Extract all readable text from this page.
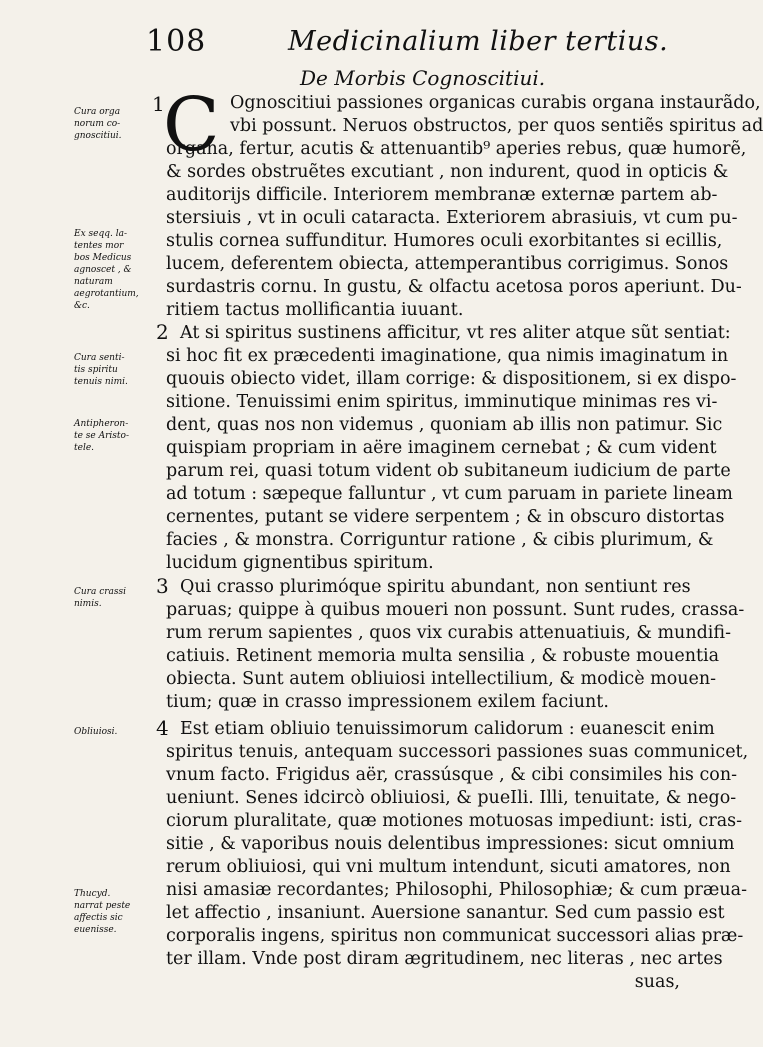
108	Medicinalium liber tertius.
De Morbis Cognoscitiui.
Cura orga
norum co-
gnoscitiui.
Ex seqq. la-
tentes mor
bos Medicus
agnoscet , &
naturam
aegrotantium,
&c.
Cura senti-
tis spiritu
tenuis nimi.
Antipheron-
te se Aristo-
tele.
Cura crassi
nimis.
Obliuiosi.
Thucyd.
narrat peste
affectis sic
euenisse.
1
C Ognoscitiui passiones organicas curabis organa instaurãdo,
vbi possunt. Neruos obstructos, per quos sentiẽs spiritus ad
organa, fertur, acutis & attenuantib⁹ aperies rebus, quæ humorẽ,
& sordes obstruẽtes excutiant , non indurent, quod in opticis &
auditorijs difficile. Interiorem membranæ externæ partem ab-
stersiuis , vt in oculi cataracta. Exteriorem abrasiuis, vt cum pu-
stulis cornea suffunditur. Humores oculi exorbitantes si ecillis,
lucem, deferentem obiecta, attemperantibus corrigimus. Sonos
surdastris cornu. In gustu, & olfactu acetosa poros aperiunt. Du-
ritiem tactus mollificantia iuuant.
2 At si spiritus sustinens afficitur, vt res aliter atque sũt sentiat:
si hoc fit ex præcedenti imaginatione, qua nimis imaginatum in
quouis obiecto videt, illam corrige: & dispositionem, si ex dispo-
sitione. Tenuissimi enim spiritus, imminutique minimas res vi-
dent, quas nos non videmus , quoniam ab illis non patimur. Sic
quispiam propriam in aëre imaginem cernebat ; & cum vident
parum rei, quasi totum vident ob subitaneum iudicium de parte
ad totum : sæpeque falluntur , vt cum paruam in pariete lineam
cernentes, putant se videre serpentem ; & in obscuro distortas
facies , & monstra. Corriguntur ratione , & cibis plurimum, &
lucidum gignentibus spiritum.
3 Qui crasso plurimóque spiritu abundant, non sentiunt res
paruas; quippe à quibus moueri non possunt. Sunt rudes, crassa-
rum rerum sapientes , quos vix curabis attenuatiuis, & mundifi-
catiuis. Retinent memoria multa sensilia , & robuste mouentia
obiecta. Sunt autem obliuiosi intellectilium, & modicè mouen-
tium; quæ in crasso impressionem exilem faciunt.
4 Est etiam obliuio tenuissimorum calidorum : euanescit enim
spiritus tenuis, antequam successori passiones suas communicet,
vnum facto. Frigidus aër, crassúsque , & cibi consimiles his con-
ueniunt. Senes idcircò obliuiosi, & pueIli. Illi, tenuitate, & nego-
ciorum pluralitate, quæ motiones motuosas impediunt: isti, cras-
sitie , & vaporibus nouis delentibus impressiones: sicut omnium
rerum obliuiosi, qui vni multum intendunt, sicuti amatores, non
nisi amasiæ recordantes; Philosophi, Philosophiæ; & cum præua-
let affectio , insaniunt. Auersione sanantur. Sed cum passio est
corporalis ingens, spiritus non communicat successori alias præ-
ter illam. Vnde post diram ægritudinem, nec literas , nec artes
suas,
